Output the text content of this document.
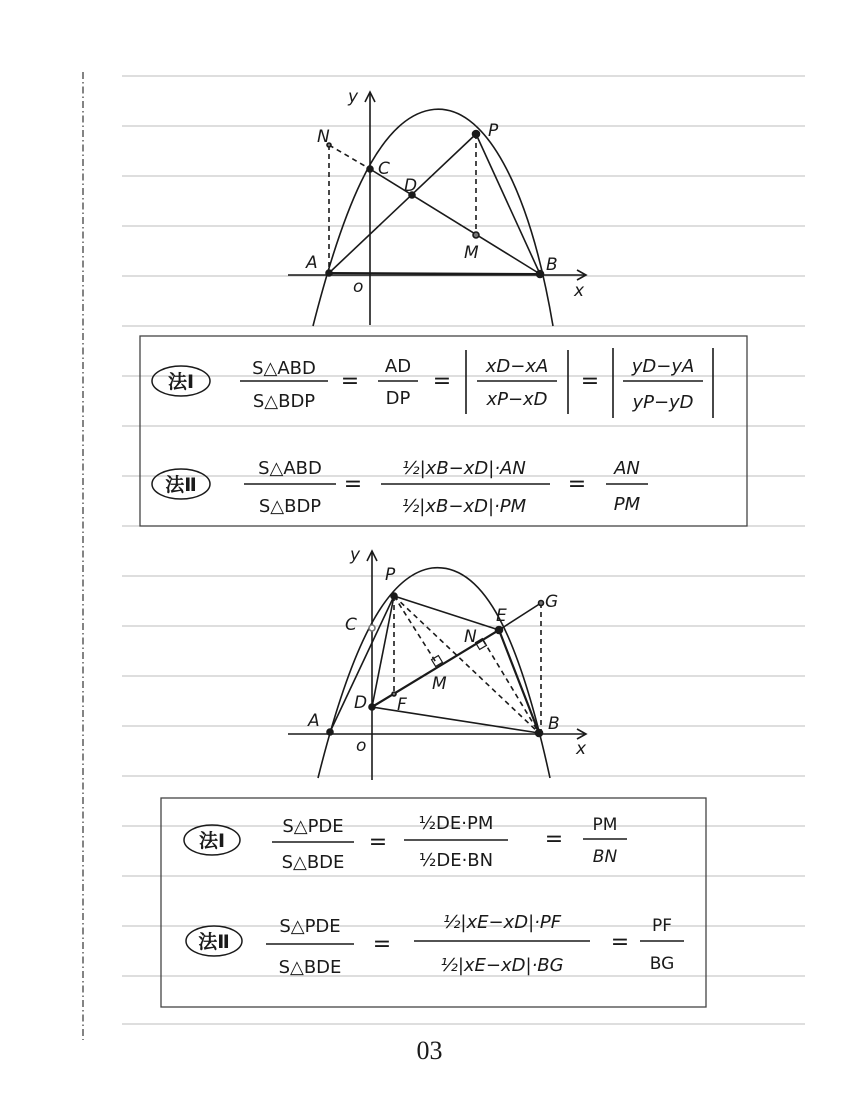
y
x
o
N
C
P
D
M
A	B
法Ⅰ
S△ABD
S△BDP
=
AD
DP
=
xD−xA
xP−xD
=
yD−yA
yP−yD
法Ⅱ
S△ABD
S△BDP
=
½|xB−xD|·AN
½|xB−xD|·PM
=
AN
PM
y
x
o
P
C	E
G
N
M
D F
A	B
法Ⅰ
S△PDE
S△BDE
=
½DE·PM
½DE·BN
=
PM
BN
法Ⅱ
S△PDE
S△BDE
=
½|xE−xD|·PF
½|xE−xD|·BG
=
PF
BG
03
